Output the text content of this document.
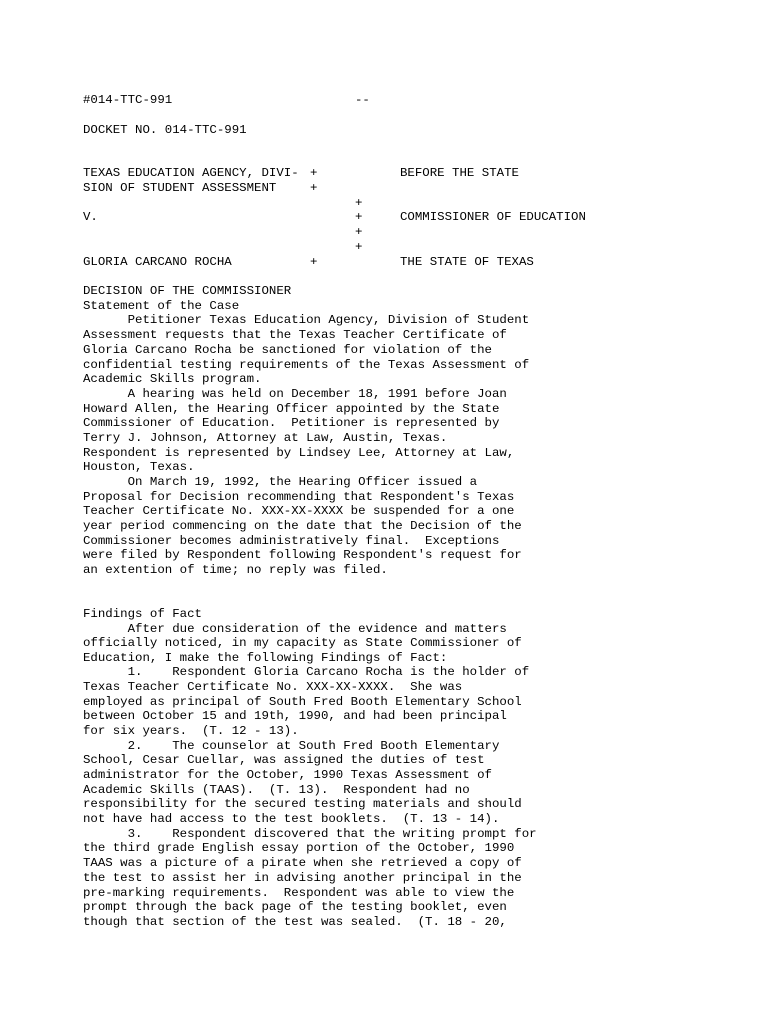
#014-TTC-991	--
DOCKET NO. 014-TTC-991
TEXAS EDUCATION AGENCY, DIVI-
SION OF STUDENT ASSESSMENT
V.
GLORIA CARCANO ROCHA
+
+
+
+
+
+
+
BEFORE THE STATE
COMMISSIONER OF EDUCATION
THE STATE OF TEXAS
DECISION OF THE COMMISSIONER
Statement of the Case
Petitioner Texas Education Agency, Division of Student
Assessment requests that the Texas Teacher Certificate of
Gloria Carcano Rocha be sanctioned for violation of the
confidential testing requirements of the Texas Assessment of
Academic Skills program.
A hearing was held on December 18, 1991 before Joan
Howard Allen, the Hearing Officer appointed by the State
Commissioner of Education.  Petitioner is represented by
Terry J. Johnson, Attorney at Law, Austin, Texas.
Respondent is represented by Lindsey Lee, Attorney at Law,
Houston, Texas.
On March 19, 1992, the Hearing Officer issued a
Proposal for Decision recommending that Respondent's Texas
Teacher Certificate No. XXX-XX-XXXX be suspended for a one
year period commencing on the date that the Decision of the
Commissioner becomes administratively final.  Exceptions
were filed by Respondent following Respondent's request for
an extention of time; no reply was filed.
Findings of Fact
After due consideration of the evidence and matters
officially noticed, in my capacity as State Commissioner of
Education, I make the following Findings of Fact:
1.    Respondent Gloria Carcano Rocha is the holder of
Texas Teacher Certificate No. XXX-XX-XXXX.  She was
employed as principal of South Fred Booth Elementary School
between October 15 and 19th, 1990, and had been principal
for six years.  (T. 12 - 13).
2.    The counselor at South Fred Booth Elementary
School, Cesar Cuellar, was assigned the duties of test
administrator for the October, 1990 Texas Assessment of
Academic Skills (TAAS).  (T. 13).  Respondent had no
responsibility for the secured testing materials and should
not have had access to the test booklets.  (T. 13 - 14).
3.    Respondent discovered that the writing prompt for
the third grade English essay portion of the October, 1990
TAAS was a picture of a pirate when she retrieved a copy of
the test to assist her in advising another principal in the
pre-marking requirements.  Respondent was able to view the
prompt through the back page of the testing booklet, even
though that section of the test was sealed.  (T. 18 - 20,
